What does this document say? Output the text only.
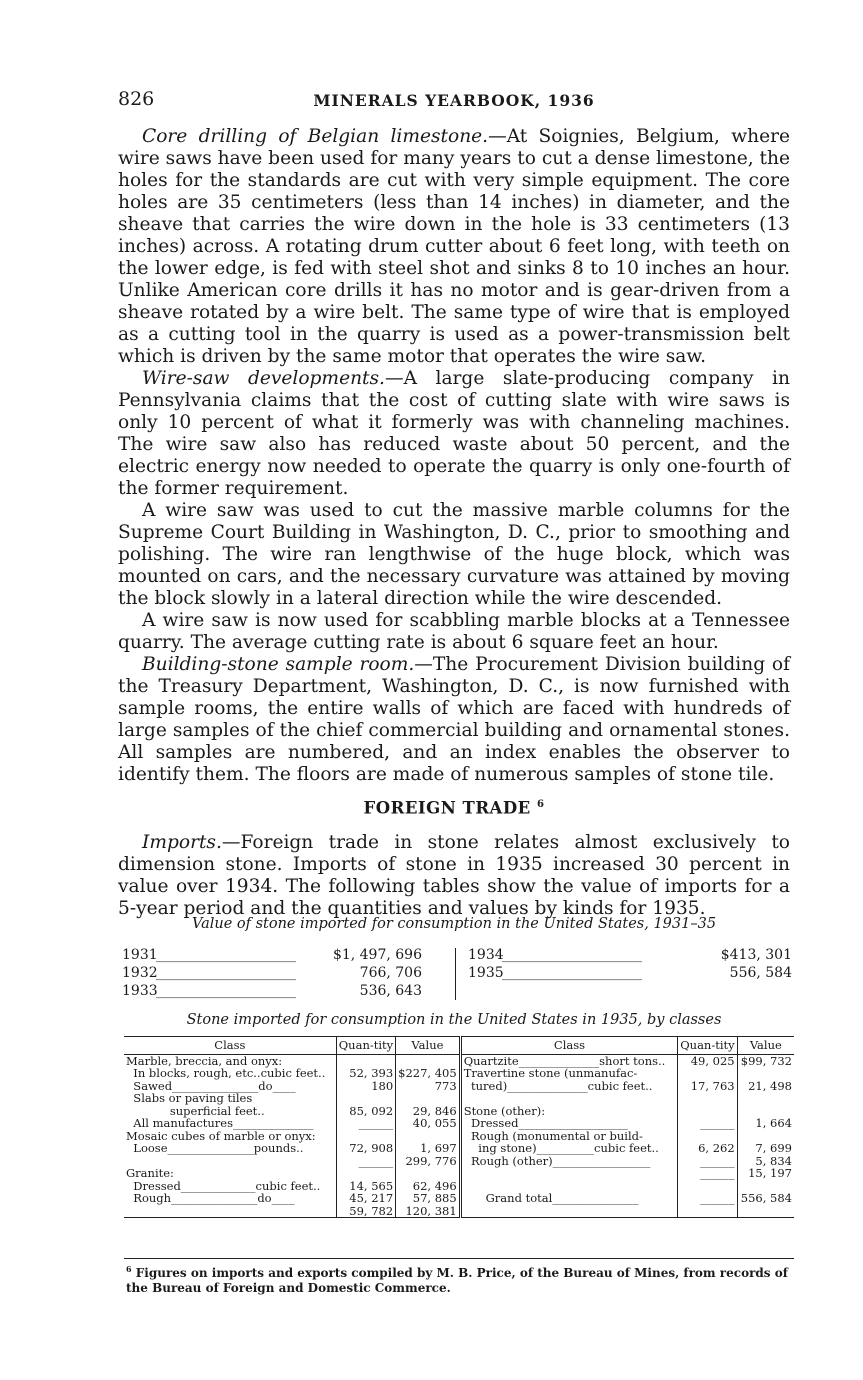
826	MINERALS YEARBOOK, 1936

Core drilling of Belgian limestone.—At Soignies, Belgium, where wire saws have been used for many years to cut a dense limestone, the holes for the standards are cut with very simple equipment. The core holes are 35 centimeters (less than 14 inches) in diameter, and the sheave that carries the wire down in the hole is 33 centimeters (13 inches) across. A rotating drum cutter about 6 feet long, with teeth on the lower edge, is fed with steel shot and sinks 8 to 10 inches an hour. Unlike American core drills it has no motor and is gear-driven from a sheave rotated by a wire belt. The same type of wire that is employed as a cutting tool in the quarry is used as a power-transmission belt which is driven by the same motor that operates the wire saw.

Wire-saw developments.—A large slate-producing company in Pennsylvania claims that the cost of cutting slate with wire saws is only 10 percent of what it formerly was with channeling machines. The wire saw also has reduced waste about 50 percent, and the electric energy now needed to operate the quarry is only one-fourth of the former requirement.

A wire saw was used to cut the massive marble columns for the Supreme Court Building in Washington, D. C., prior to smoothing and polishing. The wire ran lengthwise of the huge block, which was mounted on cars, and the necessary curvature was attained by moving the block slowly in a lateral direction while the wire descended.

A wire saw is now used for scabbling marble blocks at a Tennessee quarry. The average cutting rate is about 6 square feet an hour.

Building-stone sample room.—The Procurement Division building of the Treasury Department, Washington, D. C., is now furnished with sample rooms, the entire walls of which are faced with hundreds of large samples of the chief commercial building and ornamental stones. All samples are numbered, and an index enables the observer to identify them. The floors are made of numerous samples of stone tile.

FOREIGN TRADE $^6$

Imports.—Foreign trade in stone relates almost exclusively to dimension stone. Imports of stone in 1935 increased 30 percent in value over 1934. The following tables show the value of imports for a 5-year period and the quantities and values by kinds for 1935.

Value of stone imported for consumption in the United States, 1931–35
1931
____________________	$1, 497, 696
1932
____________________	766, 706
1933
____________________	536, 643
1934
____________________	$413, 301
1935
____________________	556, 584
Stone imported for consumption in the United States in 1935, by classes
Class	Quan-tity	Value	Class	Quan-tity	Value
Marble, breccia, and onyx:			Quartzite______________short tons..	49, 025	$99, 732
In blocks, rough, etc..cubic feet..	52, 393	$227, 405	Travertine stone (unmanufac-		
Sawed_______________do____	180	773	tured)______________cubic feet..	17, 763	21, 498
Slabs or paving tiles					
superficial feet..	85, 092	29, 846	Stone (other):		
All manufactures______________	______	40, 055	Dressed___________________	______	1, 664
Mosaic cubes of marble or onyx:			Rough (monumental or build-		
Loose_______________pounds..	72, 908	1, 697	ing stone)__________cubic feet..	6, 262	7, 699
	______	299, 776	Rough (other)_________________	______	5, 834

Granite:				______	15, 197
Dressed_____________cubic feet..	14, 565	62, 496			
Rough_______________do____	45, 217	57, 885	Grand total_______________	______	556, 584
	59, 782	120, 381			
$^6$ Figures on imports and exports compiled by M. B. Price, of the Bureau of Mines, from records of the Bureau of Foreign and Domestic Commerce.
